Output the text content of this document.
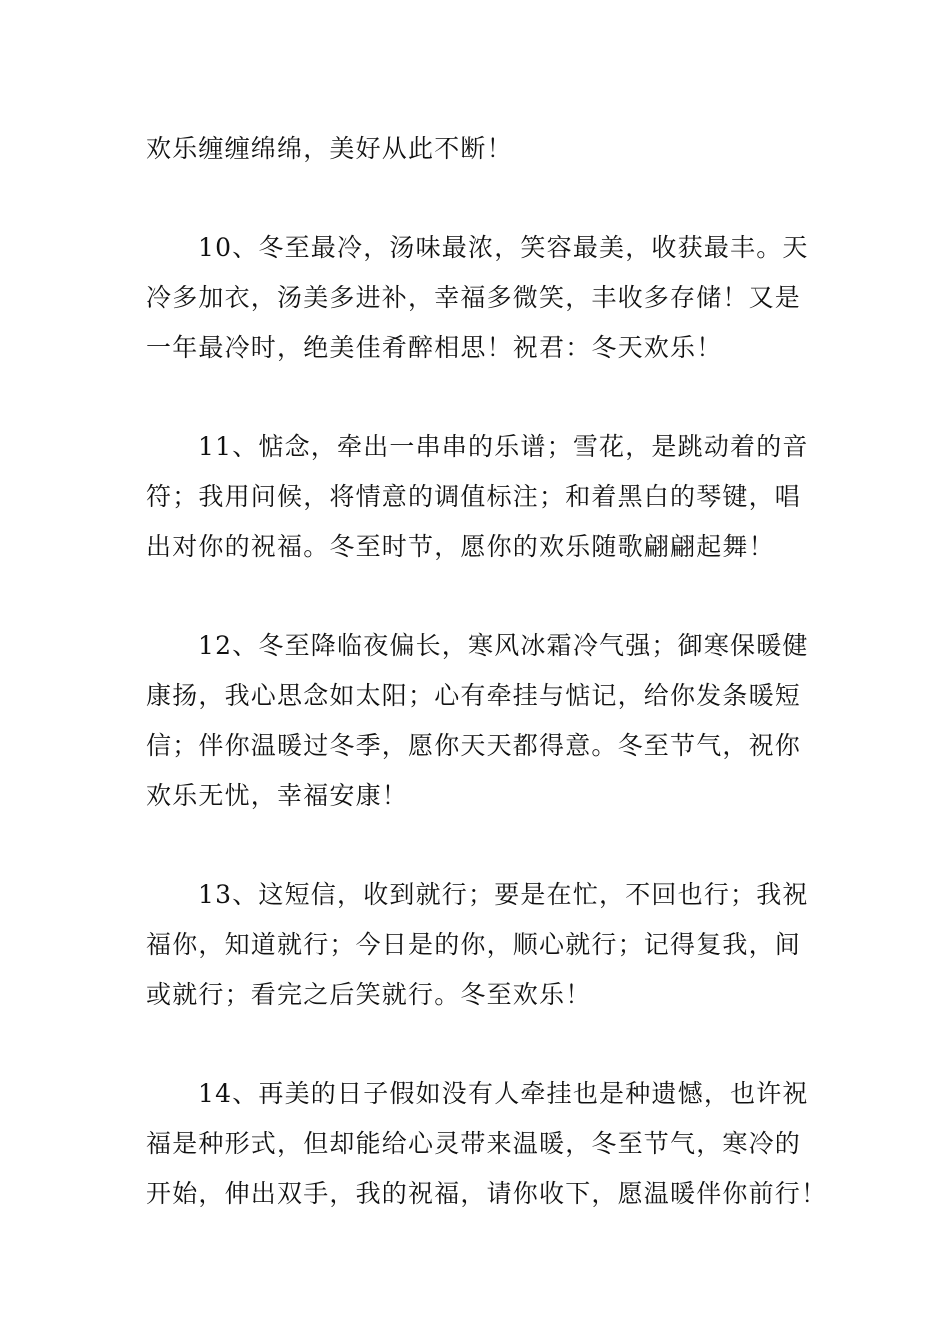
欢乐缠缠绵绵，美好从此不断！
10、冬至最冷，汤味最浓，笑容最美，收获最丰。天
冷多加衣，汤美多进补，幸福多微笑，丰收多存储！又是
一年最冷时，绝美佳肴醉相思！祝君：冬天欢乐！
11、惦念，牵出一串串的乐谱；雪花，是跳动着的音
符；我用问候，将情意的调值标注；和着黑白的琴键，唱
出对你的祝福。冬至时节，愿你的欢乐随歌翩翩起舞！
12、冬至降临夜偏长，寒风冰霜冷气强；御寒保暖健
康扬，我心思念如太阳；心有牵挂与惦记，给你发条暖短
信；伴你温暖过冬季，愿你天天都得意。冬至节气，祝你
欢乐无忧，幸福安康！
13、这短信，收到就行；要是在忙，不回也行；我祝
福你，知道就行；今日是的你，顺心就行；记得复我，间
或就行；看完之后笑就行。冬至欢乐！
14、再美的日子假如没有人牵挂也是种遗憾，也许祝
福是种形式，但却能给心灵带来温暖，冬至节气，寒冷的
开始，伸出双手，我的祝福，请你收下，愿温暖伴你前行！
